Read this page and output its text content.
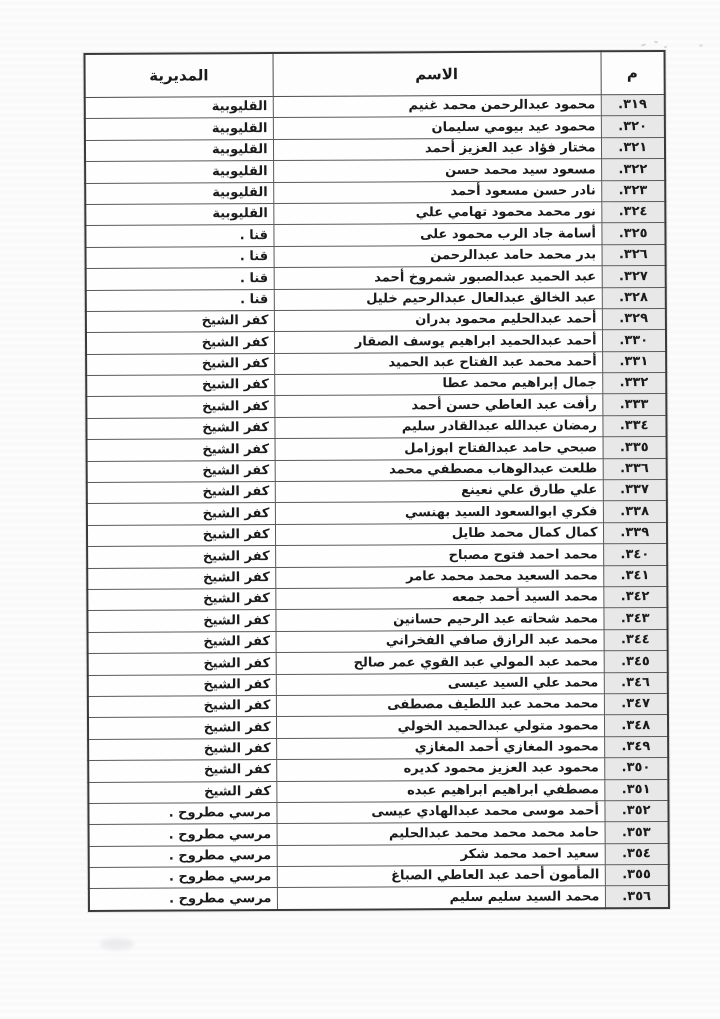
م	الاسم	المديرية
٣١٩.	محمود عبدالرحمن محمد غنيم	القليوبية
٣٢٠.	محمود عيد بيومي سليمان	القليوبية
٣٢١.	مختار فؤاد عبد العزيز أحمد	القليوبية
٣٢٢.	مسعود سيد محمد حسن	القليوبية
٣٢٣.	نادر حسن مسعود أحمد	القليوبية
٣٢٤.	نور محمد محمود تهامي علي	القليوبية
٣٢٥.	أسامة جاد الرب محمود على	قنا .
٣٢٦.	بدر محمد حامد عبدالرحمن	قنا .
٣٢٧.	عبد الحميد عبدالصبور شمروخ أحمد	قنا .
٣٢٨.	عبد الخالق عبدالعال عبدالرحيم خليل	قنا .
٣٢٩.	أحمد عبدالحليم محمود بدران	كفر الشيخ
٣٣٠.	أحمد عبدالحميد ابراهيم يوسف الصقار	كفر الشيخ
٣٣١.	أحمد محمد عبد الفتاح عبد الحميد	كفر الشيخ
٣٣٢.	جمال إبراهيم محمد عطا	كفر الشيخ
٣٣٣.	رأفت عبد العاطي حسن أحمد	كفر الشيخ
٣٣٤.	رمضان عبدالله عبدالقادر سليم	كفر الشيخ
٣٣٥.	صبحي حامد عبدالفتاح ابوزامل	كفر الشيخ
٣٣٦.	طلعت عبدالوهاب مصطفي محمد	كفر الشيخ
٣٣٧.	علي طارق علي نعينع	كفر الشيخ
٣٣٨.	فكري ابوالسعود السيد بهنسي	كفر الشيخ
٣٣٩.	كمال كمال محمد طايل	كفر الشيخ
٣٤٠.	محمد احمد فتوح مصباح	كفر الشيخ
٣٤١.	محمد السعيد محمد محمد عامر	كفر الشيخ
٣٤٢.	محمد السيد أحمد جمعه	كفر الشيخ
٣٤٣.	محمد شحاته عبد الرحيم حسانين	كفر الشيخ
٣٤٤.	محمد عبد الرازق صافي الفخراني	كفر الشيخ
٣٤٥.	محمد عبد المولي عبد القوي عمر صالح	كفر الشيخ
٣٤٦.	محمد علي السيد عيسى	كفر الشيخ
٣٤٧.	محمد محمد عبد اللطيف مصطفى	كفر الشيخ
٣٤٨.	محمود متولي عبدالحميد الخولي	كفر الشيخ
٣٤٩.	محمود المغازي أحمد المغازي	كفر الشيخ
٣٥٠.	محمود عبد العزيز محمود كديره	كفر الشيخ
٣٥١.	مصطفي ابراهيم ابراهيم عبده	كفر الشيخ
٣٥٢.	أحمد موسى محمد عبدالهادي عيسى	مرسي مطروح .
٣٥٣.	حامد محمد محمد محمد عبدالحليم	مرسي مطروح .
٣٥٤.	سعيد احمد محمد شكر	مرسي مطروح .
٣٥٥.	المأمون أحمد عبد العاطي الصباغ	مرسي مطروح .
٣٥٦.	محمد السيد سليم سليم	مرسي مطروح .
